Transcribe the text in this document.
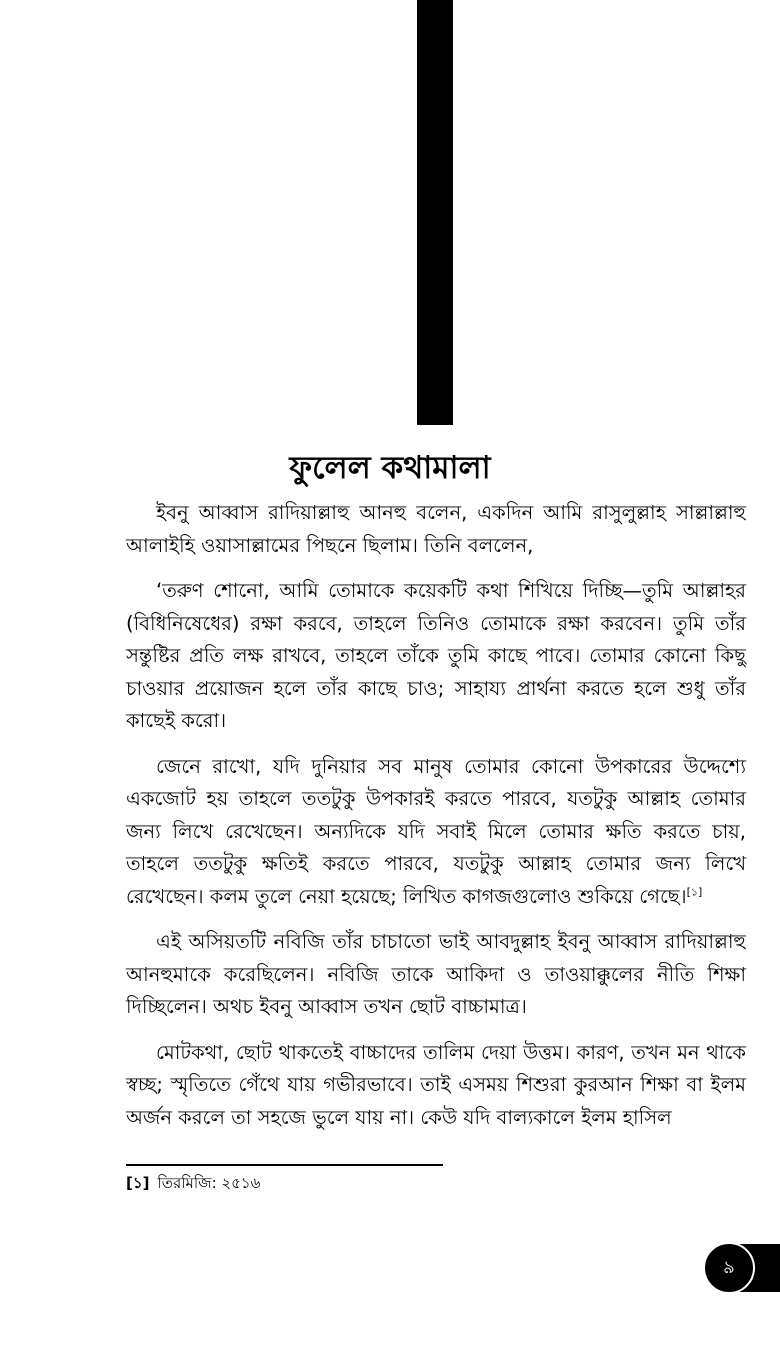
ফুলেল কথামালা

ইবনু আব্বাস রাদিয়াল্লাহু আনহু বলেন, একদিন আমি রাসুলুল্লাহ সাল্লাল্লাহু আলাইহি ওয়াসাল্লামের পিছনে ছিলাম। তিনি বললেন,

‘তরুণ শোনো, আমি তোমাকে কয়েকটি কথা শিখিয়ে দিচ্ছি—তুমি আল্লাহর (বিধিনিষেধের) রক্ষা করবে, তাহলে তিনিও তোমাকে রক্ষা করবেন। তুমি তাঁর সন্তুষ্টির প্রতি লক্ষ রাখবে, তাহলে তাঁকে তুমি কাছে পাবে। তোমার কোনো কিছু চাওয়ার প্রয়োজন হলে তাঁর কাছে চাও; সাহায্য প্রার্থনা করতে হলে শুধু তাঁর কাছেই করো।

জেনে রাখো, যদি দুনিয়ার সব মানুষ তোমার কোনো উপকারের উদ্দেশ্যে একজোট হয় তাহলে ততটুকু উপকারই করতে পারবে, যতটুকু আল্লাহ তোমার জন্য লিখে রেখেছেন। অন্যদিকে যদি সবাই মিলে তোমার ক্ষতি করতে চায়, তাহলে ততটুকু ক্ষতিই করতে পারবে, যতটুকু আল্লাহ তোমার জন্য লিখে রেখেছেন। কলম তুলে নেয়া হয়েছে; লিখিত কাগজগুলোও শুকিয়ে গেছে।[১]

এই অসিয়তটি নবিজি তাঁর চাচাতো ভাই আবদুল্লাহ ইবনু আব্বাস রাদিয়াল্লাহু আনহুমাকে করেছিলেন। নবিজি তাকে আকিদা ও তাওয়াক্কুলের নীতি শিক্ষা দিচ্ছিলেন। অথচ ইবনু আব্বাস তখন ছোট বাচ্চামাত্র।

মোটকথা, ছোট থাকতেই বাচ্চাদের তালিম দেয়া উত্তম। কারণ, তখন মন থাকে স্বচ্ছ; স্মৃতিতে গেঁথে যায় গভীরভাবে। তাই এসময় শিশুরা কুরআন শিক্ষা বা ইলম অর্জন করলে তা সহজে ভুলে যায় না। কেউ যদি বাল্যকালে ইলম হাসিল

[১] তিরমিজি: ২৫১৬
৯
